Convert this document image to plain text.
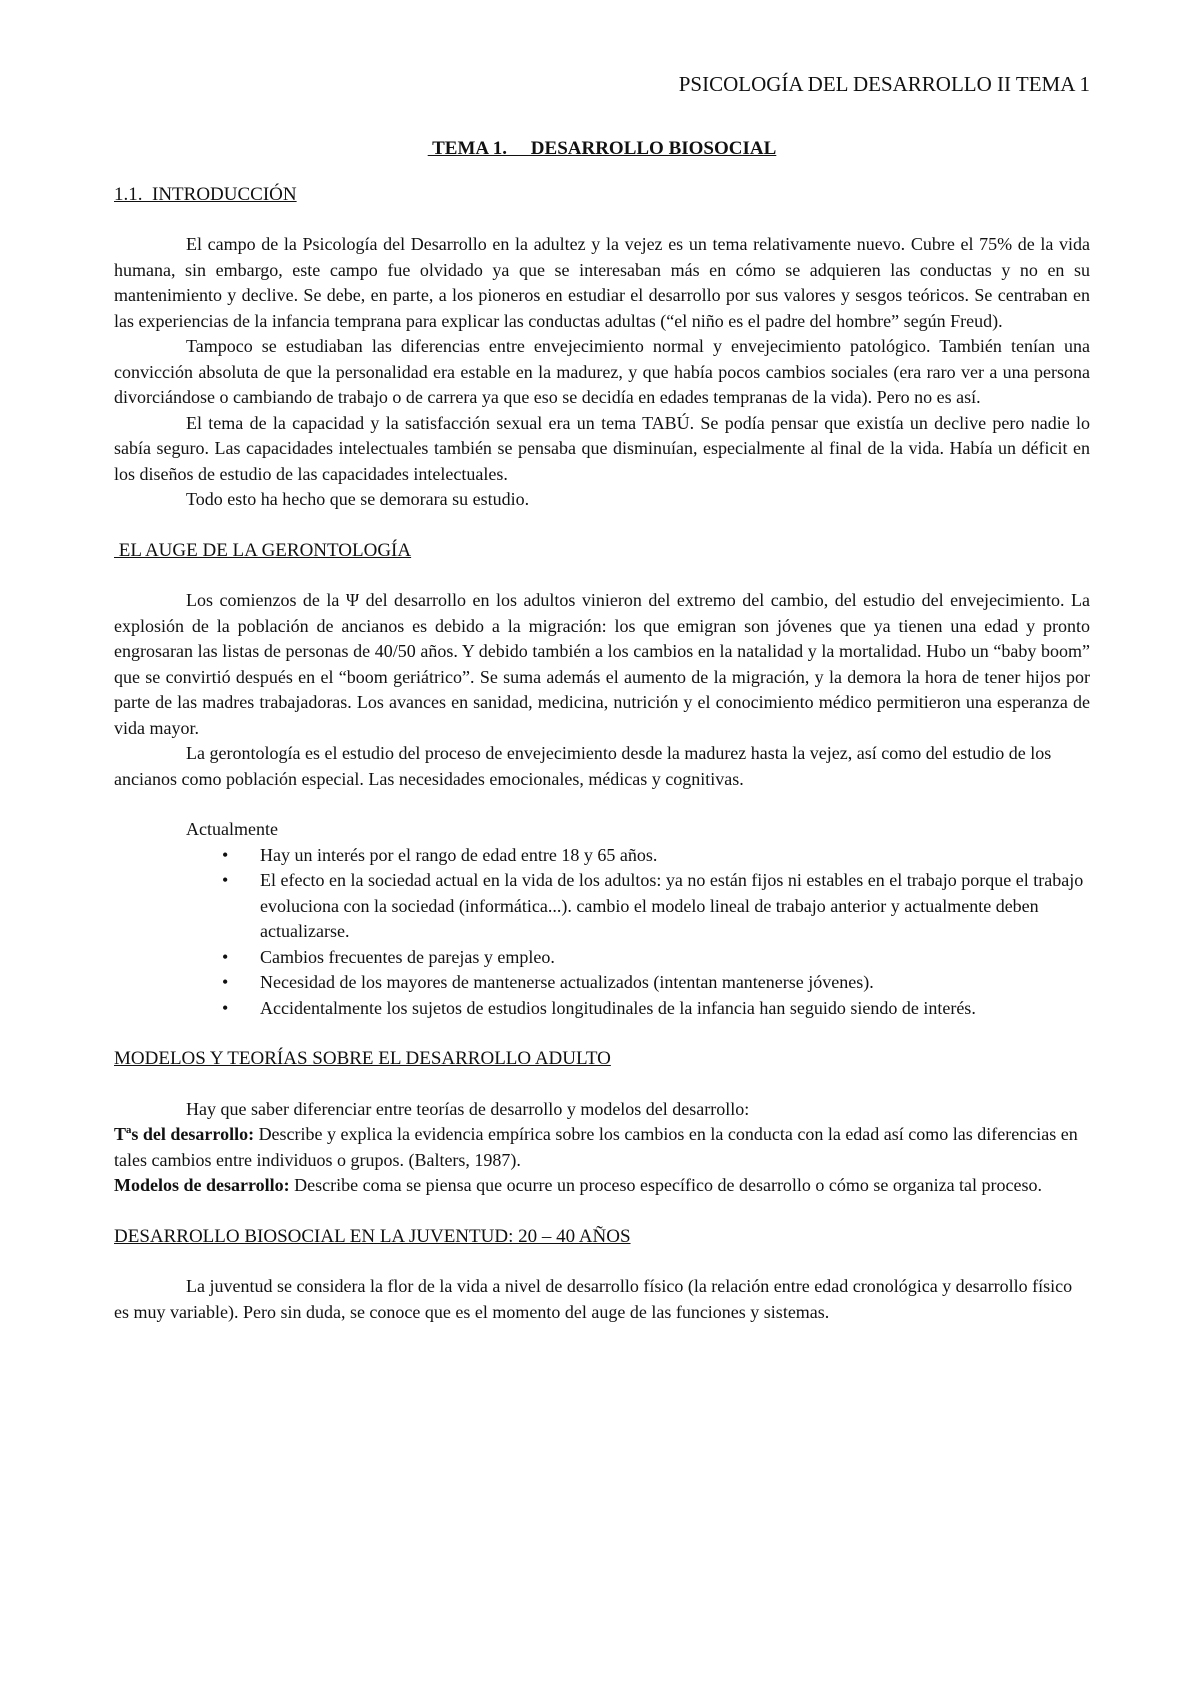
PSICOLOGÍA DEL DESARROLLO II TEMA 1
TEMA 1.     DESARROLLO BIOSOCIAL
1.1.  INTRODUCCIÓN

El campo de la Psicología del Desarrollo en la adultez y la vejez es un tema relativamente nuevo. Cubre el 75% de la vida humana, sin embargo, este campo fue olvidado ya que se interesaban más en cómo se adquieren las conductas y no en su mantenimiento y declive. Se debe, en parte, a los pioneros en estudiar el desarrollo por sus valores y sesgos teóricos. Se centraban en las experiencias de la infancia temprana para explicar las conductas adultas (“el niño es el padre del hombre” según Freud).

Tampoco se estudiaban las diferencias entre envejecimiento normal y envejecimiento patológico. También tenían una convicción absoluta de que la personalidad era estable en la madurez, y que había pocos cambios sociales (era raro ver a una persona divorciándose o cambiando de trabajo o de carrera ya que eso se decidía en edades tempranas de la vida). Pero no es así.

El tema de la capacidad y la satisfacción sexual era un tema TABÚ. Se podía pensar que existía un declive pero nadie lo sabía seguro. Las capacidades intelectuales también se pensaba que disminuían, especialmente al final de la vida. Había un déficit en los diseños de estudio de las capacidades intelectuales.

Todo esto ha hecho que se demorara su estudio.

EL AUGE DE LA GERONTOLOGÍA

Los comienzos de la Ψ del desarrollo en los adultos vinieron del extremo del cambio, del estudio del envejecimiento. La explosión de la población de ancianos es debido a la migración: los que emigran son jóvenes que ya tienen una edad y pronto engrosaran las listas de personas de 40/50 años. Y debido también a los cambios en la natalidad y la mortalidad. Hubo un “baby boom” que se convirtió después en el “boom geriátrico”. Se suma además el aumento de la migración, y la demora la hora de tener hijos por parte de las madres trabajadoras. Los avances en sanidad, medicina, nutrición y el conocimiento médico permitieron una esperanza de vida mayor.

La gerontología es el estudio del proceso de envejecimiento desde la madurez hasta la vejez, así como del estudio de los ancianos como población especial. Las necesidades emocionales, médicas y cognitivas.

Actualmente

• Hay un interés por el rango de edad entre 18 y 65 años.
• El efecto en la sociedad actual en la vida de los adultos: ya no están fijos ni estables en el trabajo porque el trabajo evoluciona con la sociedad (informática...). cambio el modelo lineal de trabajo anterior y actualmente deben actualizarse.
• Cambios frecuentes de parejas y empleo.
• Necesidad de los mayores de mantenerse actualizados (intentan mantenerse jóvenes).
• Accidentalmente los sujetos de estudios longitudinales de la infancia han seguido siendo de interés.
MODELOS Y TEORÍAS SOBRE EL DESARROLLO ADULTO

Hay que saber diferenciar entre teorías de desarrollo y modelos del desarrollo:

Tªs del desarrollo: Describe y explica la evidencia empírica sobre los cambios en la conducta con la edad así como las diferencias en tales cambios entre individuos o grupos. (Balters, 1987).

Modelos de desarrollo: Describe coma se piensa que ocurre un proceso específico de desarrollo o cómo se organiza tal proceso.

DESARROLLO BIOSOCIAL EN LA JUVENTUD: 20 – 40 AÑOS

La juventud se considera la flor de la vida a nivel de desarrollo físico (la relación entre edad cronológica y desarrollo físico es muy variable). Pero sin duda, se conoce que es el momento del auge de las funciones y sistemas.
